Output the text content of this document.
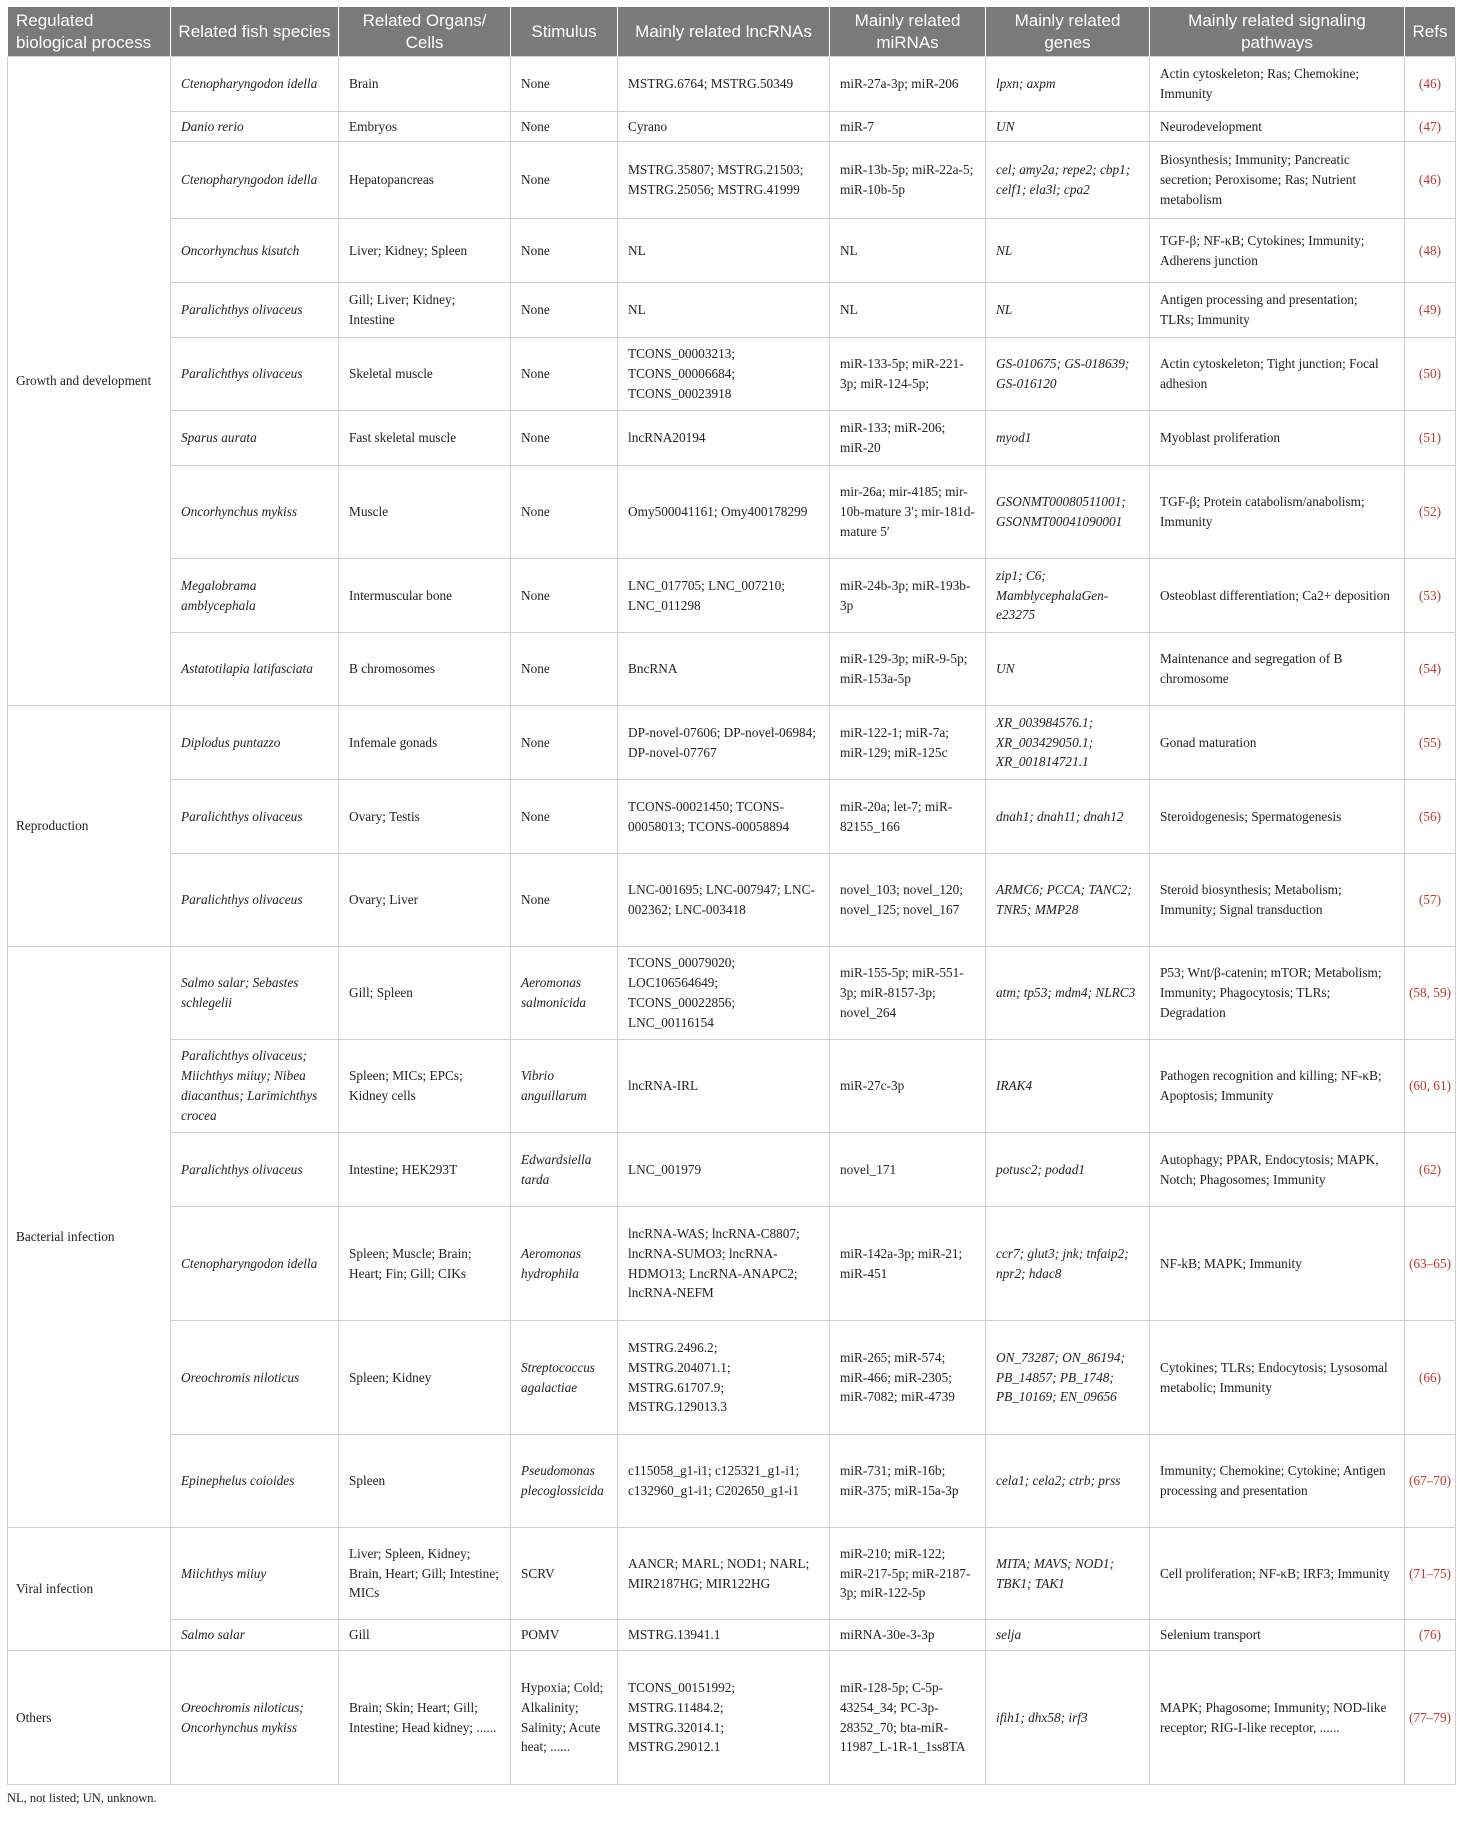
Regulated biological process	Related fish species	Related Organs/ Cells	Stimulus	Mainly related lncRNAs	Mainly related miRNAs	Mainly related genes	Mainly related signaling pathways	Refs
Growth and development	Ctenopharyngodon idella	Brain	None	MSTRG.6764; MSTRG.50349	miR-27a-3p; miR-206	lpxn; axpm	Actin cytoskeleton; Ras; Chemokine; Immunity	(46)
	Danio rerio	Embryos	None	Cyrano	miR-7	UN	Neurodevelopment	(47)
	Ctenopharyngodon idella	Hepatopancreas	None	MSTRG.35807; MSTRG.21503; MSTRG.25056; MSTRG.41999	miR-13b-5p; miR-22a-5; miR-10b-5p	cel; amy2a; repe2; cbp1; celf1; ela3l; cpa2	Biosynthesis; Immunity; Pancreatic secretion; Peroxisome; Ras; Nutrient metabolism	(46)
	Oncorhynchus kisutch	Liver; Kidney; Spleen	None	NL	NL	NL	TGF-β; NF-κB; Cytokines; Immunity; Adherens junction	(48)
	Paralichthys olivaceus	Gill; Liver; Kidney; Intestine	None	NL	NL	NL	Antigen processing and presentation; TLRs; Immunity	(49)
	Paralichthys olivaceus	Skeletal muscle	None	TCONS_00003213; TCONS_00006684; TCONS_00023918	miR-133-5p; miR-221-3p; miR-124-5p;	GS-010675; GS-018639; GS-016120	Actin cytoskeleton; Tight junction; Focal adhesion	(50)
	Sparus aurata	Fast skeletal muscle	None	lncRNA20194	miR-133; miR-206; miR-20	myod1	Myoblast proliferation	(51)
	Oncorhynchus mykiss	Muscle	None	Omy500041161; Omy400178299	mir-26a; mir-4185; mir-10b-mature 3′; mir-181d-mature 5′	GSONMT00080511001; GSONMT00041090001	TGF-β; Protein catabolism/anabolism; Immunity	(52)
	Megalobrama amblycephala	Intermuscular bone	None	LNC_017705; LNC_007210; LNC_011298	miR-24b-3p; miR-193b-3p	zip1; C6; MamblycephalaGen-e23275	Osteoblast differentiation; Ca2+ deposition	(53)
	Astatotilapia latifasciata	B chromosomes	None	BncRNA	miR-129-3p; miR-9-5p; miR-153a-5p	UN	Maintenance and segregation of B chromosome	(54)
Reproduction	Diplodus puntazzo	Infemale gonads	None	DP-novel-07606; DP-novel-06984; DP-novel-07767	miR-122-1; miR-7a; miR-129; miR-125c	XR_003984576.1; XR_003429050.1; XR_001814721.1	Gonad maturation	(55)
	Paralichthys olivaceus	Ovary; Testis	None	TCONS-00021450; TCONS-00058013; TCONS-00058894	miR-20a; let-7; miR-82155_166	dnah1; dnah11; dnah12	Steroidogenesis; Spermatogenesis	(56)
	Paralichthys olivaceus	Ovary; Liver	None	LNC-001695; LNC-007947; LNC-002362; LNC-003418	novel_103; novel_120; novel_125; novel_167	ARMC6; PCCA; TANC2; TNR5; MMP28	Steroid biosynthesis; Metabolism; Immunity; Signal transduction	(57)
Bacterial infection	Salmo salar; Sebastes schlegelii	Gill; Spleen	Aeromonas salmonicida	TCONS_00079020; LOC106564649; TCONS_00022856; LNC_00116154	miR-155-5p; miR-551-3p; miR-8157-3p; novel_264	atm; tp53; mdm4; NLRC3	P53; Wnt/β-catenin; mTOR; Metabolism; Immunity; Phagocytosis; TLRs; Degradation	(58, 59)
	Paralichthys olivaceus; Miichthys miiuy; Nibea diacanthus; Larimichthys crocea	Spleen; MICs; EPCs; Kidney cells	Vibrio anguillarum	lncRNA-IRL	miR-27c-3p	IRAK4	Pathogen recognition and killing; NF-κB; Apoptosis; Immunity	(60, 61)
	Paralichthys olivaceus	Intestine; HEK293T	Edwardsiella tarda	LNC_001979	novel_171	potusc2; podad1	Autophagy; PPAR, Endocytosis; MAPK, Notch; Phagosomes; Immunity	(62)
	Ctenopharyngodon idella	Spleen; Muscle; Brain; Heart; Fin; Gill; CIKs	Aeromonas hydrophila	lncRNA-WAS; lncRNA-C8807; lncRNA-SUMO3; lncRNA-HDMO13; LncRNA-ANAPC2; lncRNA-NEFM	miR-142a-3p; miR-21; miR-451	ccr7; glut3; jnk; tnfaip2; npr2; hdac8	NF-kB; MAPK; Immunity	(63–65)
	Oreochromis niloticus	Spleen; Kidney	Streptococcus agalactiae	MSTRG.2496.2; MSTRG.204071.1; MSTRG.61707.9; MSTRG.129013.3	miR-265; miR-574; miR-466; miR-2305; miR-7082; miR-4739	ON_73287; ON_86194; PB_14857; PB_1748; PB_10169; EN_09656	Cytokines; TLRs; Endocytosis; Lysosomal metabolic; Immunity	(66)
	Epinephelus coioides	Spleen	Pseudomonas plecoglossicida	c115058_g1-i1; c125321_g1-i1; c132960_g1-i1; C202650_g1-i1	miR-731; miR-16b; miR-375; miR-15a-3p	cela1; cela2; ctrb; prss	Immunity; Chemokine; Cytokine; Antigen processing and presentation	(67–70)
Viral infection	Miichthys miiuy	Liver; Spleen, Kidney; Brain, Heart; Gill; Intestine; MICs	SCRV	AANCR; MARL; NOD1; NARL; MIR2187HG; MIR122HG	miR-210; miR-122; miR-217-5p; miR-2187-3p; miR-122-5p	MITA; MAVS; NOD1; TBK1; TAK1	Cell proliferation; NF-κB; IRF3; Immunity	(71–75)
	Salmo salar	Gill	POMV	MSTRG.13941.1	miRNA-30e-3-3p	selja	Selenium transport	(76)
Others	Oreochromis niloticus; Oncorhynchus mykiss	Brain; Skin; Heart; Gill; Intestine; Head kidney; ......	Hypoxia; Cold; Alkalinity; Salinity; Acute heat; ......	TCONS_00151992; MSTRG.11484.2; MSTRG.32014.1; MSTRG.29012.1	miR-128-5p; C-5p-43254_34; PC-3p-28352_70; bta-miR-11987_L-1R-1_1ss8TA	ifih1; dhx58; irf3	MAPK; Phagosome; Immunity; NOD-like receptor; RIG-I-like receptor, ......	(77–79)
NL, not listed; UN, unknown.
